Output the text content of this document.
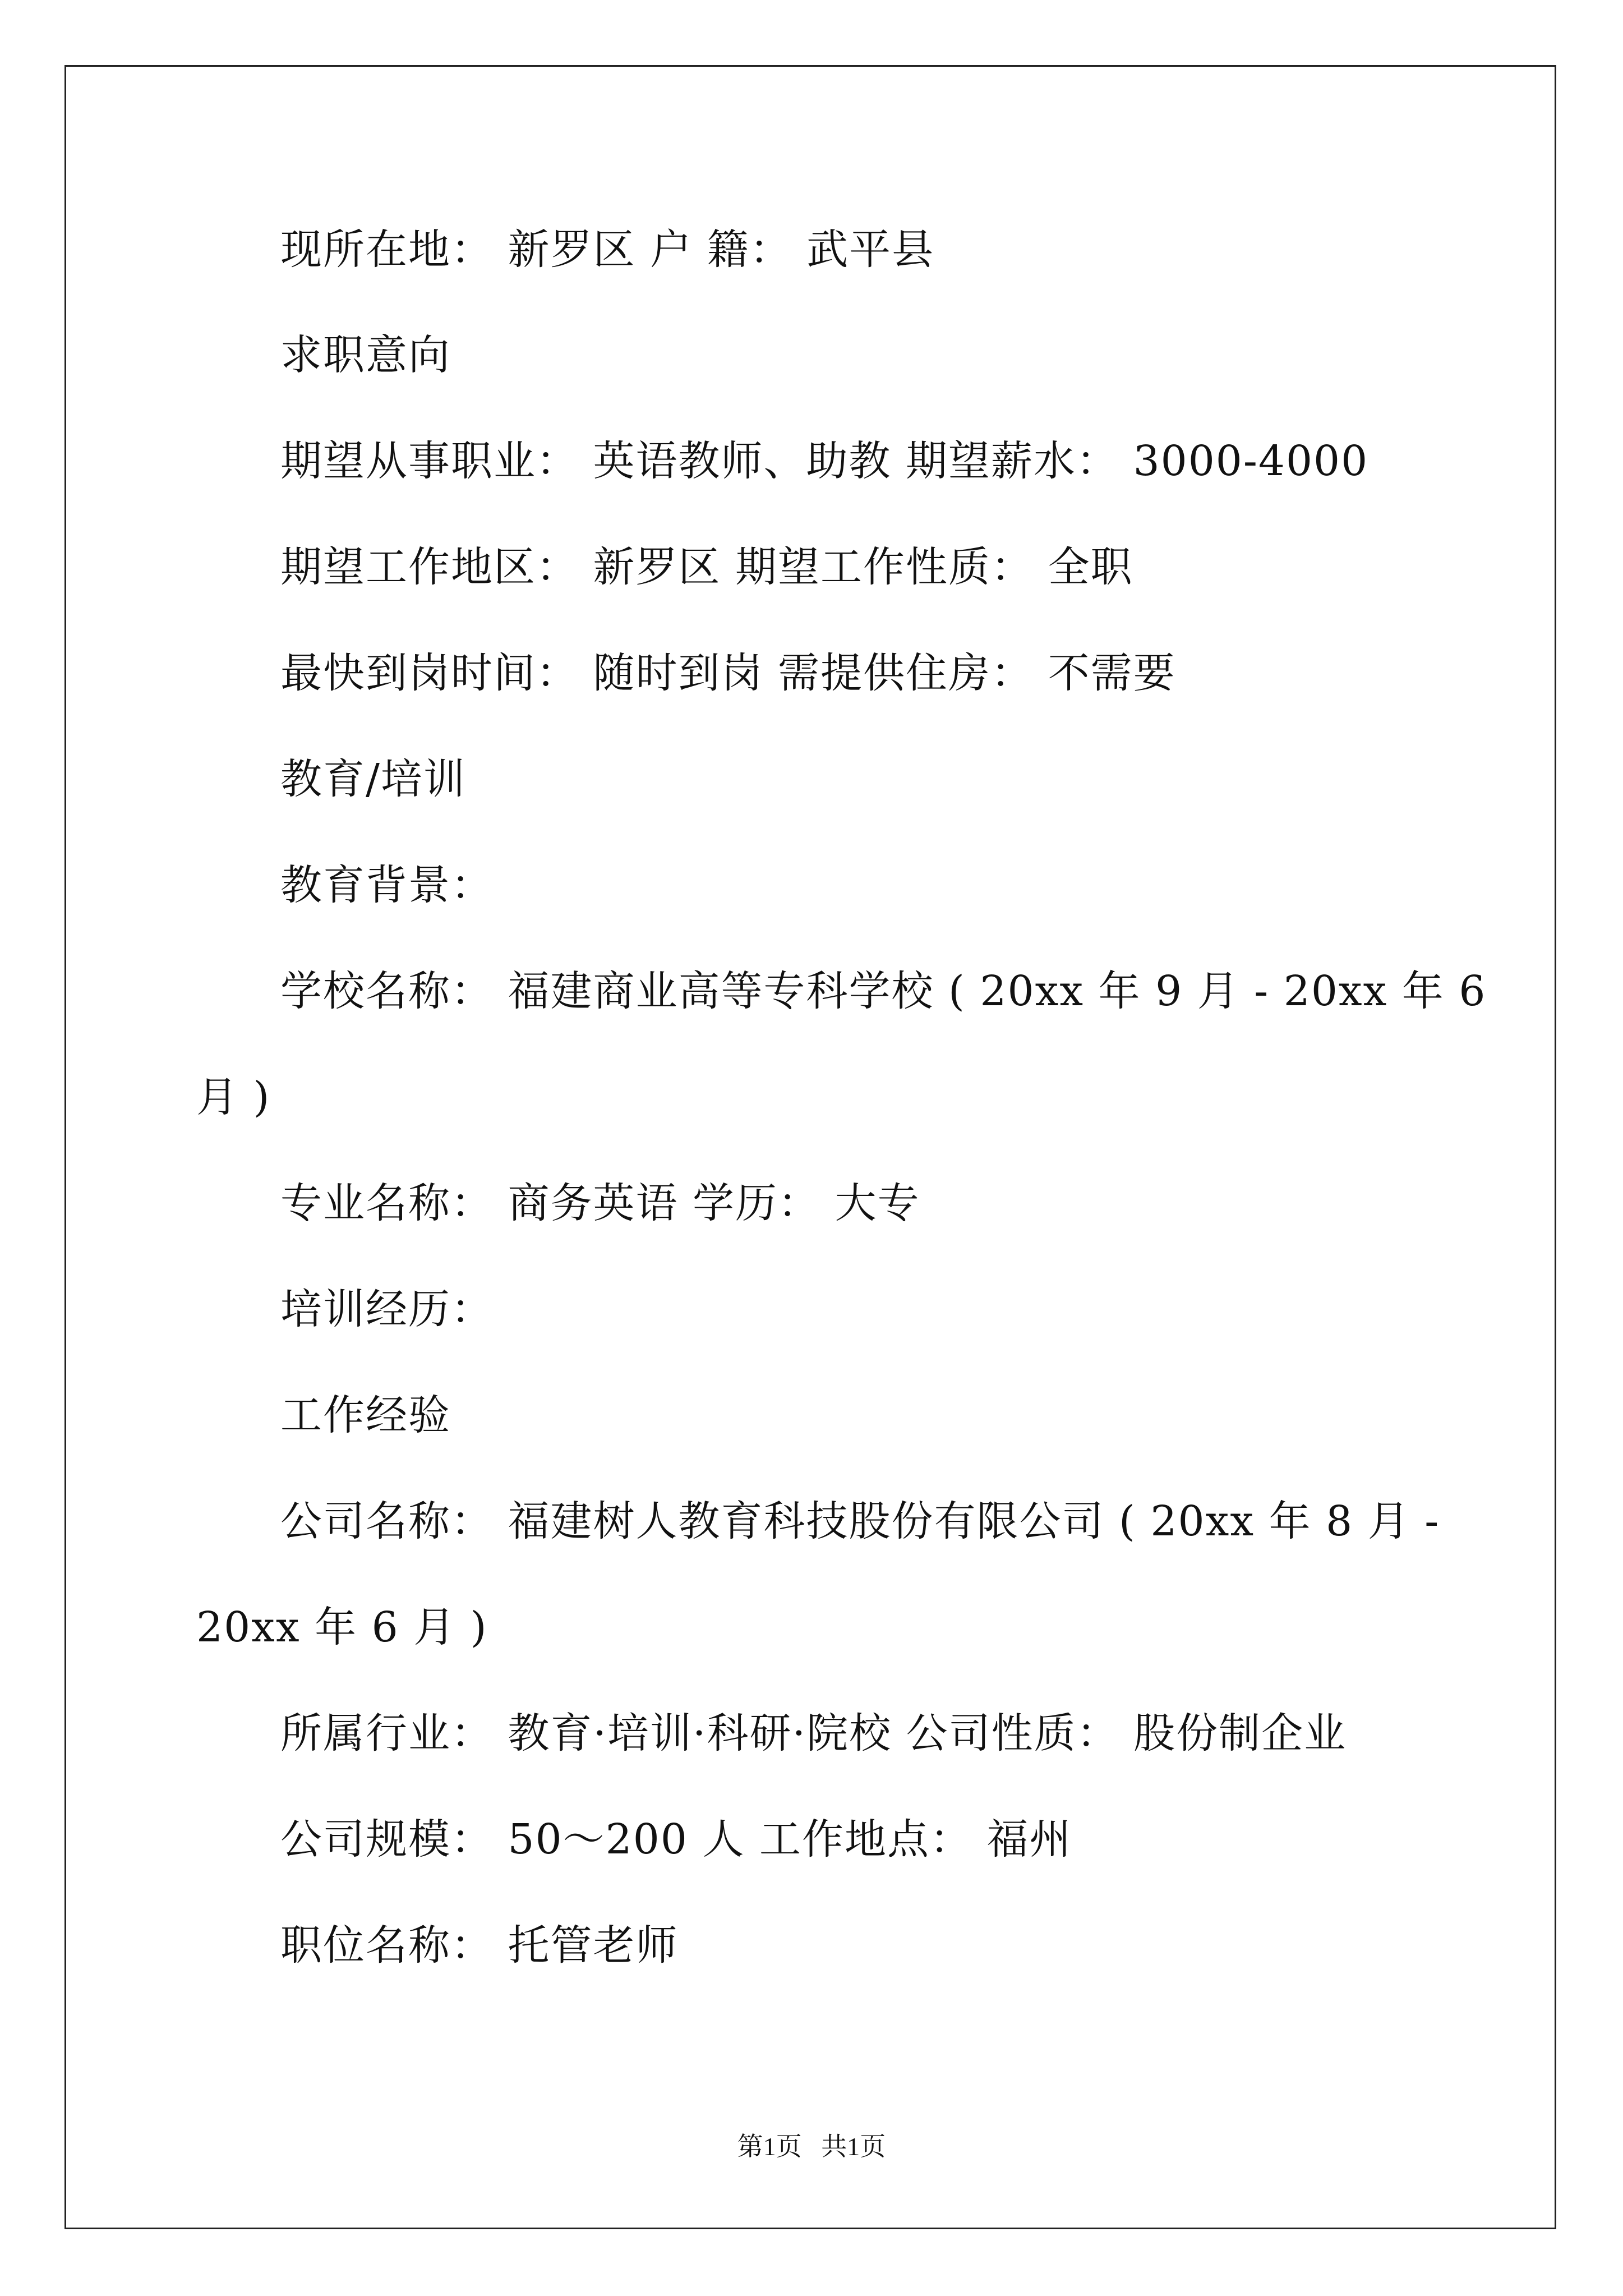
现所在地： 新罗区 户 籍： 武平县

求职意向

期望从事职业： 英语教师、助教 期望薪水： 3000-4000

期望工作地区： 新罗区 期望工作性质： 全职

最快到岗时间： 随时到岗 需提供住房： 不需要

教育/培训

教育背景：

学校名称： 福建商业高等专科学校 ( 20xx 年 9 月 - 20xx 年 6

月 )

专业名称： 商务英语 学历： 大专

培训经历：

工作经验

公司名称： 福建树人教育科技股份有限公司 ( 20xx 年 8 月 -

20xx 年 6 月 )

所属行业： 教育·培训·科研·院校 公司性质： 股份制企业

公司规模： 50～200 人 工作地点： 福州

职位名称： 托管老师

第1页   共1页
